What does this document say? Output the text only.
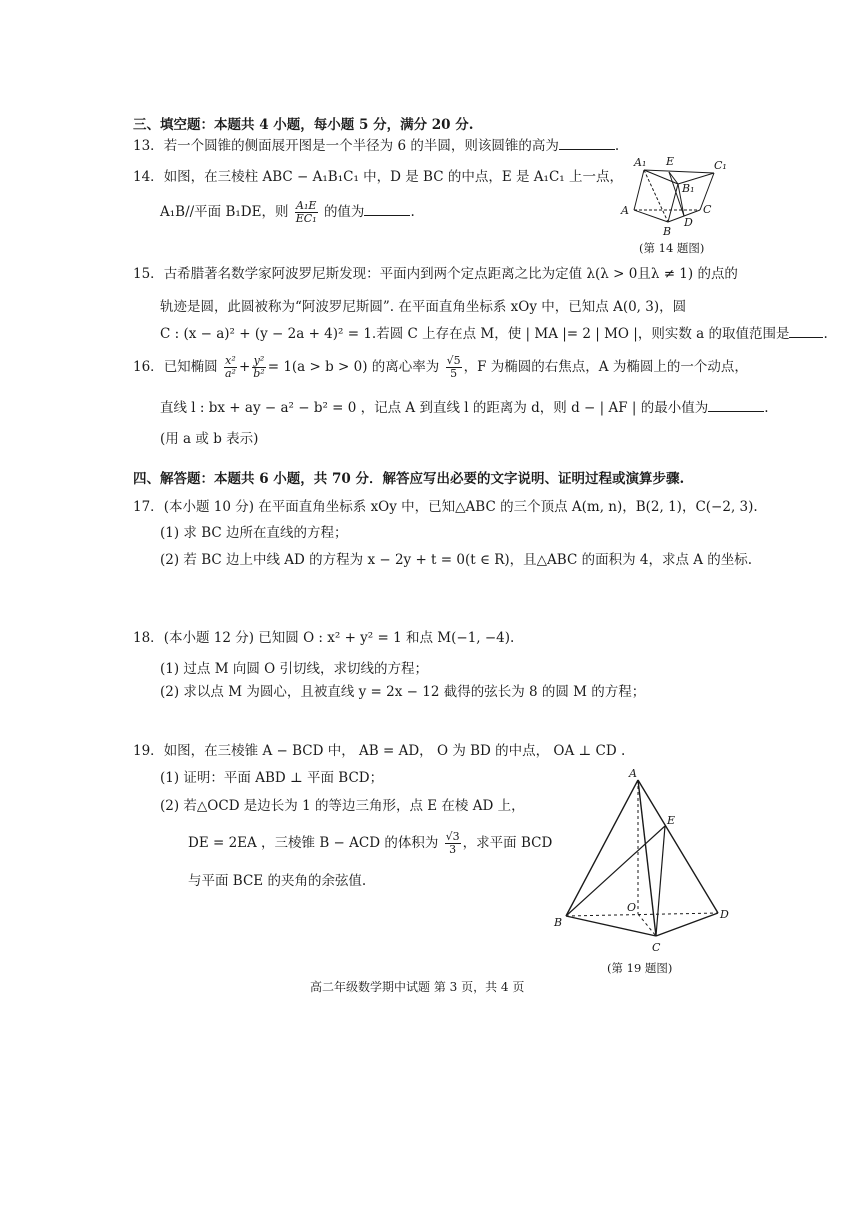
三、填空题：本题共 4 小题，每小题 5 分，满分 20 分.
13．若一个圆锥的侧面展开图是一个半径为 6 的半圆，则该圆锥的高为	.
14．如图，在三棱柱 ABC − A₁B₁C₁ 中，D 是 BC 的中点，E 是 A₁C₁ 上一点，
A₁B//平面 B₁DE，则 $\frac{\text{A₁E}}{\text{EC₁}}$ 的值为	.
A₁ E	C₁
B₁
A	C
D
B
(第 14 题图)
15．古希腊著名数学家阿波罗尼斯发现：平面内到两个定点距离之比为定值 λ(λ > 0且λ ≠ 1) 的点的
轨迹是圆，此圆被称为“阿波罗尼斯圆”. 在平面直角坐标系 xOy 中，已知点 A(0, 3)，圆
C : (x − a)² + (y − 2a + 4)² = 1.若圆 C 上存在点 M，使 | MA |= 2 | MO |，则实数 a 的取值范围是	.
16．已知椭圆 $\frac{\text{x²}}{\text{a²}} + \frac{\text{y²}}{\text{b²}} = 1(a > b > 0)$ 的离心率为 $\frac{√5}{5}$ ，F 为椭圆的右焦点，A 为椭圆上的一个动点，
直线 l : bx + ay − a² − b² = 0 ，记点 A 到直线 l 的距离为 d，则 d − | AF | 的最小值为	.
(用 a 或 b 表示)
四、解答题：本题共 6 小题，共 70 分．解答应写出必要的文字说明、证明过程或演算步骤.
17．(本小题 10 分) 在平面直角坐标系 xOy 中，已知△ABC 的三个顶点 A(m, n)，B(2, 1)，C(−2, 3).
(1) 求 BC 边所在直线的方程；
(2) 若 BC 边上中线 AD 的方程为 x − 2y + t = 0(t ∈ R)，且△ABC 的面积为 4，求点 A 的坐标.
18．(本小题 12 分) 已知圆 O : x² + y² = 1 和点 M(−1, −4).
(1) 过点 M 向圆 O 引切线，求切线的方程；
(2) 求以点 M 为圆心，且被直线 y = 2x − 12 截得的弦长为 8 的圆 M 的方程；
19．如图，在三棱锥 A − BCD 中， AB = AD， O 为 BD 的中点， OA ⊥ CD .
(1) 证明：平面 ABD ⊥ 平面 BCD；
(2) 若△OCD 是边长为 1 的等边三角形，点 E 在棱 AD 上，
DE = 2EA ，三棱锥 B − ACD 的体积为 $\frac{√3}{3}$ ，求平面 BCD
与平面 BCE 的夹角的余弦值.
A
E
O
B
C
D
(第 19 题图)
高二年级数学期中试题 第 3 页，共 4 页
